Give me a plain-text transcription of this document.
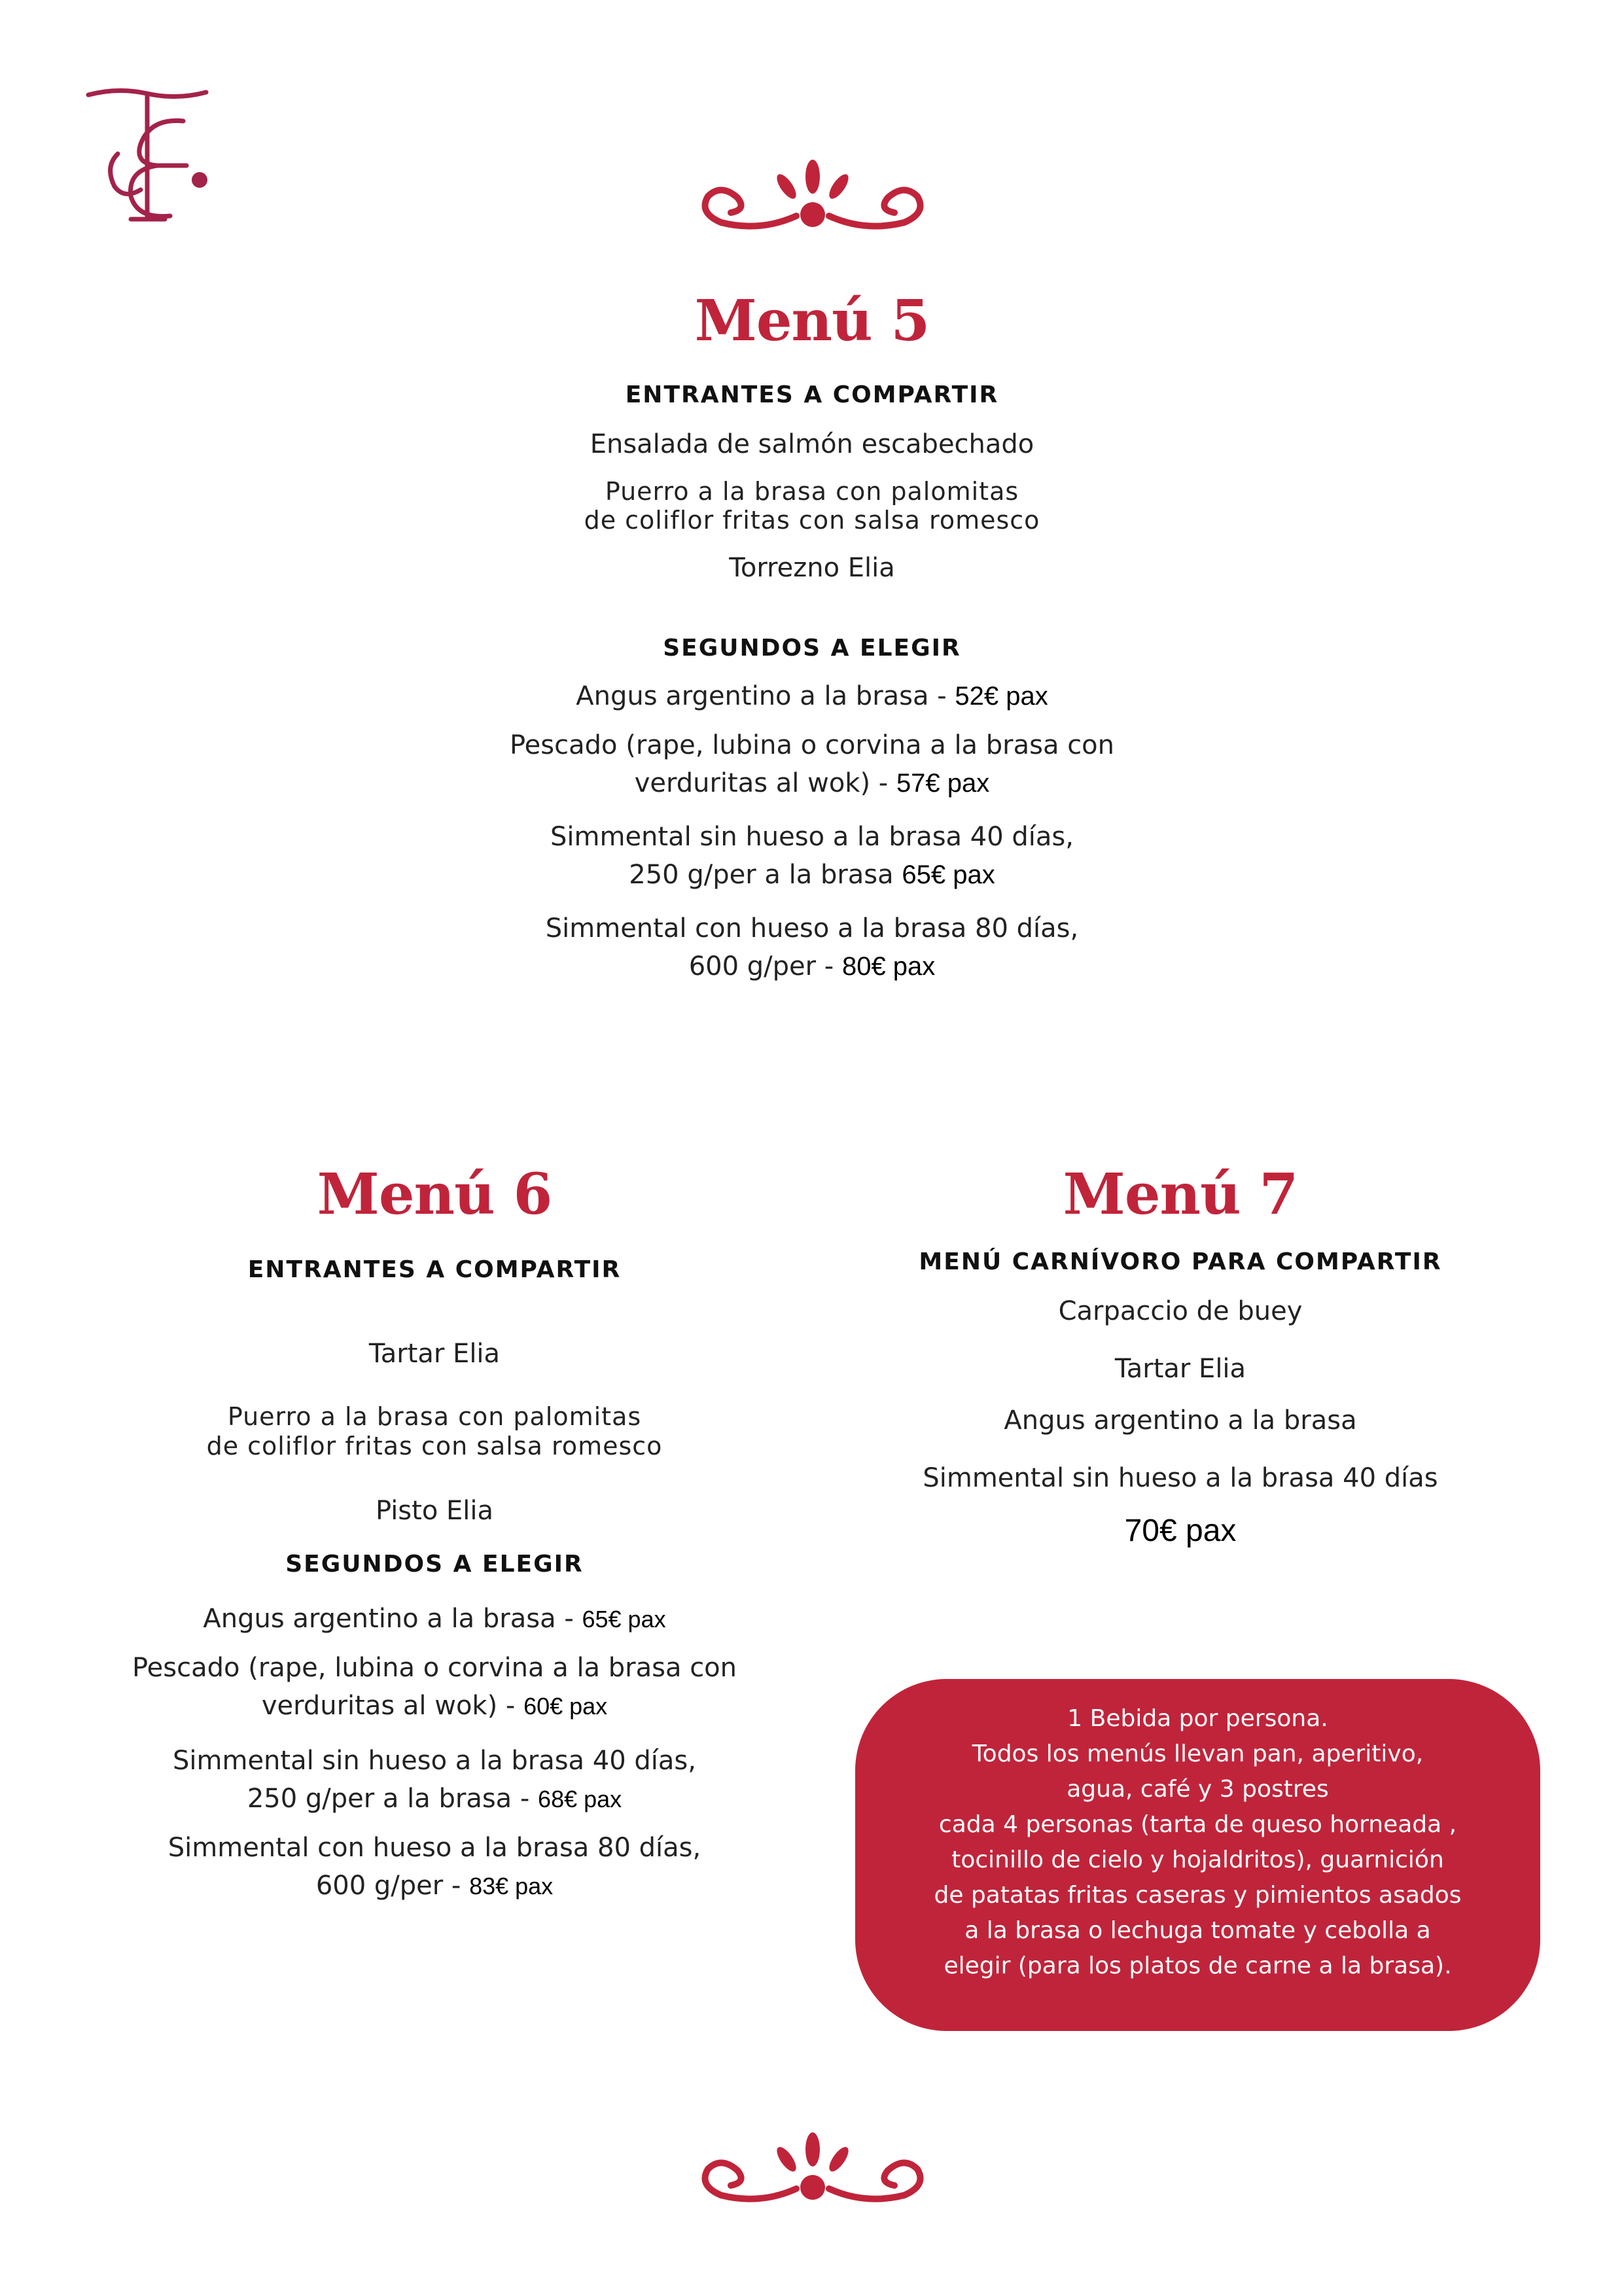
Menú 5
ENTRANTES A COMPARTIR
Ensalada de salmón escabechado
Puerro a la brasa con palomitas
de coliflor fritas con salsa romesco
Torrezno Elia
SEGUNDOS A ELEGIR
Angus argentino a la brasa - 52€ pax
Pescado (rape, lubina o corvina a la brasa con
verduritas al wok) - 57€ pax
Simmental sin hueso a la brasa 40 días,
250 g/per a la brasa 65€ pax
Simmental con hueso a la brasa 80 días,
600 g/per - 80€ pax
Menú 6
ENTRANTES A COMPARTIR
Tartar Elia
Puerro a la brasa con palomitas
de coliflor fritas con salsa romesco
Pisto Elia
SEGUNDOS A ELEGIR
Angus argentino a la brasa - 65€ pax
Pescado (rape, lubina o corvina a la brasa con
verduritas al wok) - 60€ pax
Simmental sin hueso a la brasa 40 días,
250 g/per a la brasa - 68€ pax
Simmental con hueso a la brasa 80 días,
600 g/per - 83€ pax
Menú 7
MENÚ CARNÍVORO PARA COMPARTIR
Carpaccio de buey
Tartar Elia
Angus argentino a la brasa
Simmental sin hueso a la brasa 40 días
70€ pax
1 Bebida por persona.
Todos los menús llevan pan, aperitivo,
agua, café y 3 postres
cada 4 personas (tarta de queso horneada ,
tocinillo de cielo y hojaldritos), guarnición
de patatas fritas caseras y pimientos asados
a la brasa o lechuga tomate y cebolla a
elegir (para los platos de carne a la brasa).
